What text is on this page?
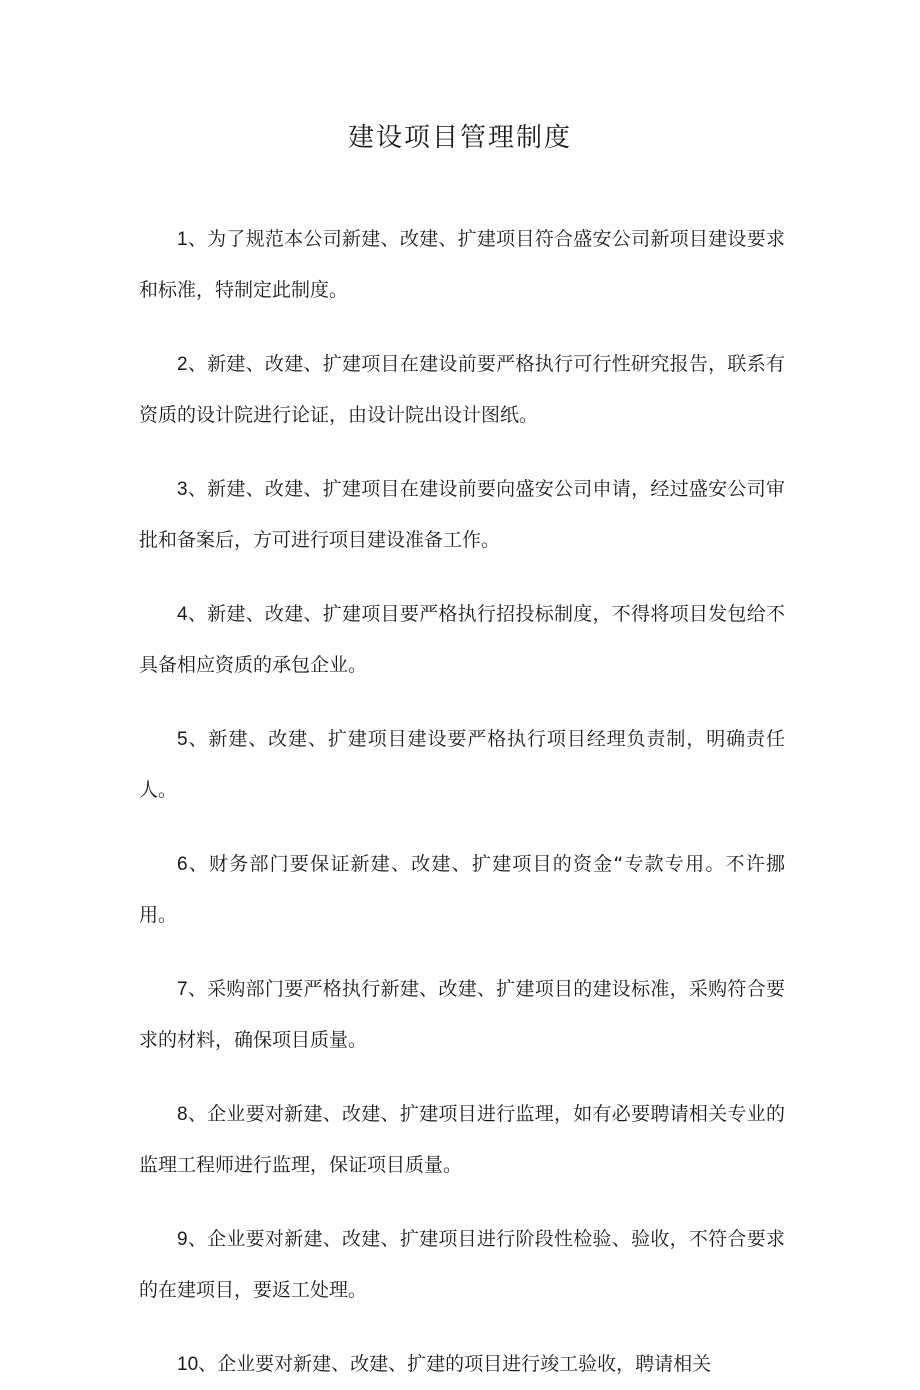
建设项目管理制度

1、为了规范本公司新建、改建、扩建项目符合盛安公司新项目建设要求和标准，特制定此制度。

2、新建、改建、扩建项目在建设前要严格执行可行性研究报告，联系有资质的设计院进行论证，由设计院出设计图纸。

3、新建、改建、扩建项目在建设前要向盛安公司申请，经过盛安公司审批和备案后，方可进行项目建设准备工作。

4、新建、改建、扩建项目要严格执行招投标制度，不得将项目发包给不具备相应资质的承包企业。

5、新建、改建、扩建项目建设要严格执行项目经理负责制，明确责任人。

6、财务部门要保证新建、改建、扩建项目的资金“专款专用。不许挪用。

7、采购部门要严格执行新建、改建、扩建项目的建设标准，采购符合要求的材料，确保项目质量。

8、企业要对新建、改建、扩建项目进行监理，如有必要聘请相关专业的监理工程师进行监理，保证项目质量。

9、企业要对新建、改建、扩建项目进行阶段性检验、验收，不符合要求的在建项目，要返工处理。

10、企业要对新建、改建、扩建的项目进行竣工验收，聘请相关
